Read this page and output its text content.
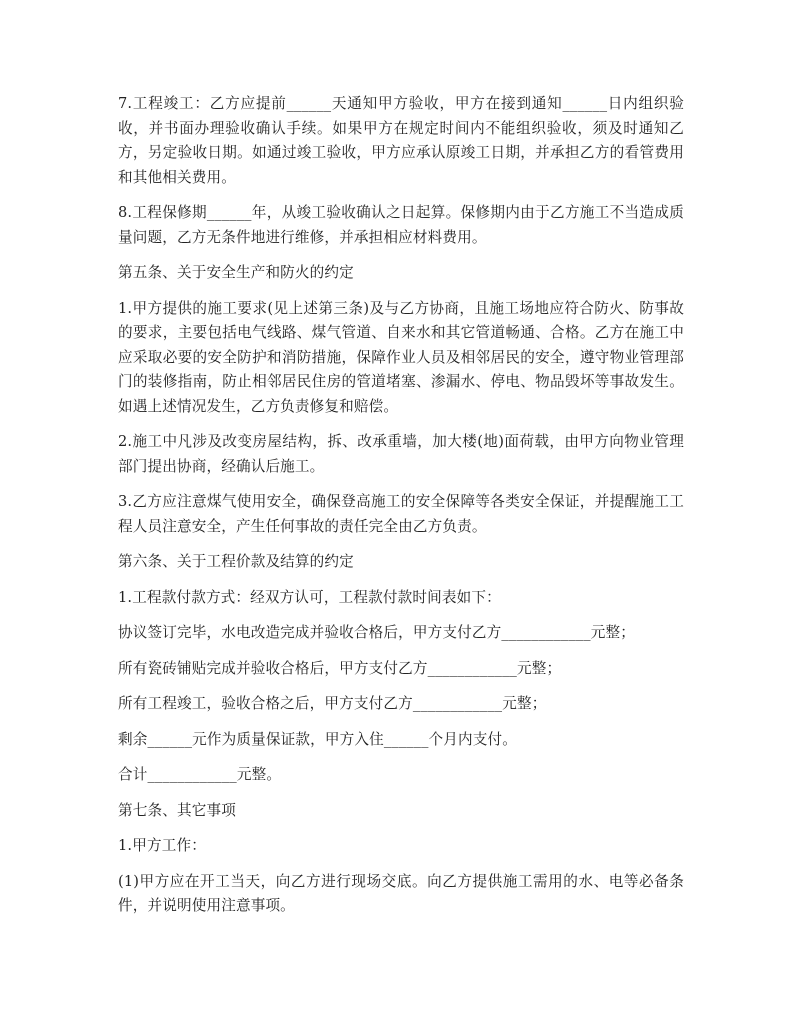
7.工程竣工：乙方应提前______天通知甲方验收，甲方在接到通知______日内组织验收，并书面办理验收确认手续。如果甲方在规定时间内不能组织验收，须及时通知乙方，另定验收日期。如通过竣工验收，甲方应承认原竣工日期，并承担乙方的看管费用和其他相关费用。

8.工程保修期______年，从竣工验收确认之日起算。保修期内由于乙方施工不当造成质量问题，乙方无条件地进行维修，并承担相应材料费用。

第五条、关于安全生产和防火的约定

1.甲方提供的施工要求(见上述第三条)及与乙方协商，且施工场地应符合防火、防事故的要求，主要包括电气线路、煤气管道、自来水和其它管道畅通、合格。乙方在施工中应采取必要的安全防护和消防措施，保障作业人员及相邻居民的安全，遵守物业管理部门的装修指南，防止相邻居民住房的管道堵塞、渗漏水、停电、物品毁坏等事故发生。如遇上述情况发生，乙方负责修复和赔偿。

2.施工中凡涉及改变房屋结构，拆、改承重墙，加大楼(地)面荷载，由甲方向物业管理部门提出协商，经确认后施工。

3.乙方应注意煤气使用安全，确保登高施工的安全保障等各类安全保证，并提醒施工工程人员注意安全，产生任何事故的责任完全由乙方负责。

第六条、关于工程价款及结算的约定

1.工程款付款方式：经双方认可，工程款付款时间表如下：

协议签订完毕，水电改造完成并验收合格后，甲方支付乙方____________元整；

所有瓷砖铺贴完成并验收合格后，甲方支付乙方____________元整；

所有工程竣工，验收合格之后，甲方支付乙方____________元整；

剩余______元作为质量保证款，甲方入住______个月内支付。

合计____________元整。

第七条、其它事项

1.甲方工作：

(1)甲方应在开工当天，向乙方进行现场交底。向乙方提供施工需用的水、电等必备条件，并说明使用注意事项。
